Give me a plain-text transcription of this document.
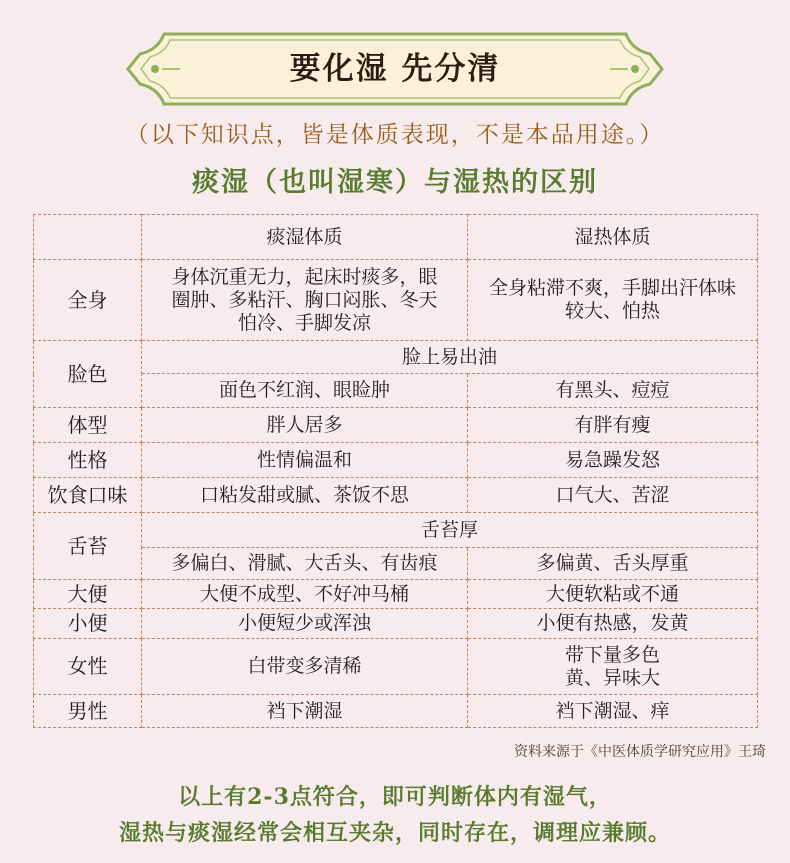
要化湿 先分清
（以下知识点，皆是体质表现，不是本品用途。）
痰湿（也叫湿寒）与湿热的区别
	痰湿体质	湿热体质
全身	身体沉重无力，起床时痰多，眼圈肿、多粘汗、胸口闷胀、冬天怕冷、手脚发凉	全身粘滞不爽，手脚出汗体味较大、怕热
脸色	脸上易出油	
	面色不红润、眼睑肿	有黑头、痘痘
体型	胖人居多	有胖有瘦
性格	性情偏温和	易急躁发怒
饮食口味	口粘发甜或腻、茶饭不思	口气大、苦涩
舌苔	舌苔厚	
	多偏白、滑腻、大舌头、有齿痕	多偏黄、舌头厚重
大便	大便不成型、不好冲马桶	大便软粘或不通
小便	小便短少或浑浊	小便有热感，发黄
女性	白带变多清稀	带下量多色黄、异味大
男性	裆下潮湿	裆下潮湿、痒
资料来源于《中医体质学研究应用》王琦
以上有2-3点符合，即可判断体内有湿气，
湿热与痰湿经常会相互夹杂，同时存在，调理应兼顾。
